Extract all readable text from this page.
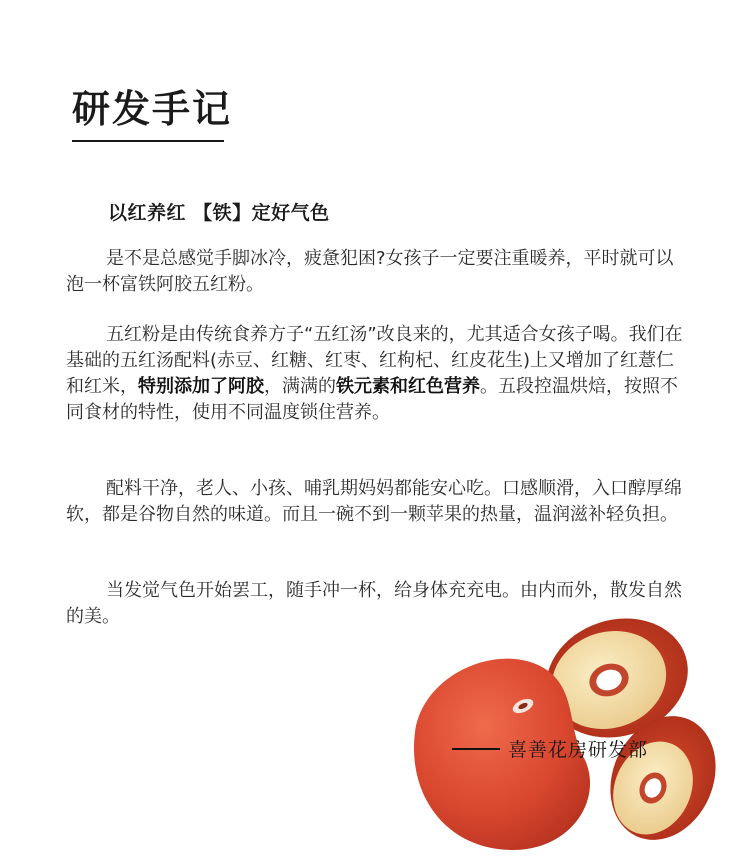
研发手记
以红养红 【铁】定好气色

是不是总感觉手脚冰冷，疲惫犯困?女孩子一定要注重暖养，平时就可以泡一杯富铁阿胶五红粉。

五红粉是由传统食养方子“五红汤”改良来的，尤其适合女孩子喝。我们在基础的五红汤配料(赤豆、红糖、红枣、红枸杞、红皮花生)上又增加了红薏仁和红米，特别添加了阿胶，满满的铁元素和红色营养。五段控温烘焙，按照不同食材的特性，使用不同温度锁住营养。

配料干净，老人、小孩、哺乳期妈妈都能安心吃。口感顺滑，入口醇厚绵软，都是谷物自然的味道。而且一碗不到一颗苹果的热量，温润滋补轻负担。

当发觉气色开始罢工，随手冲一杯，给身体充充电。由内而外，散发自然的美。

喜善花房研发部
